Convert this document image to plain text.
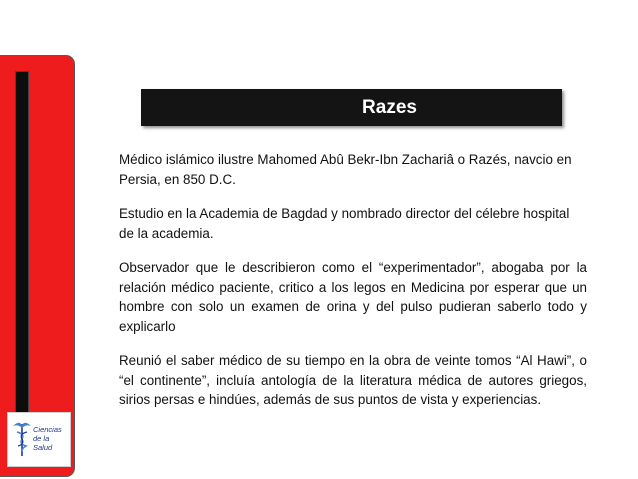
Ciencias
de la Salud
Razes

Médico islámico ilustre Mahomed Abû Bekr-Ibn Zachariâ o Razés, navcio en Persia, en 850 D.C.

Estudio en la Academia de Bagdad y nombrado director del célebre hospital de la academia.

Observador que le describieron como el “experimentador”, abogaba por la relación médico paciente, critico a los legos en Medicina por esperar que un hombre con solo un examen de orina y del pulso pudieran saberlo todo y explicarlo

Reunió el saber médico de su tiempo en la obra de veinte tomos “Al Hawi”, o “el continente”, incluía antología de la literatura médica de autores griegos, sirios persas e hindúes, además de sus puntos de vista y experiencias.
